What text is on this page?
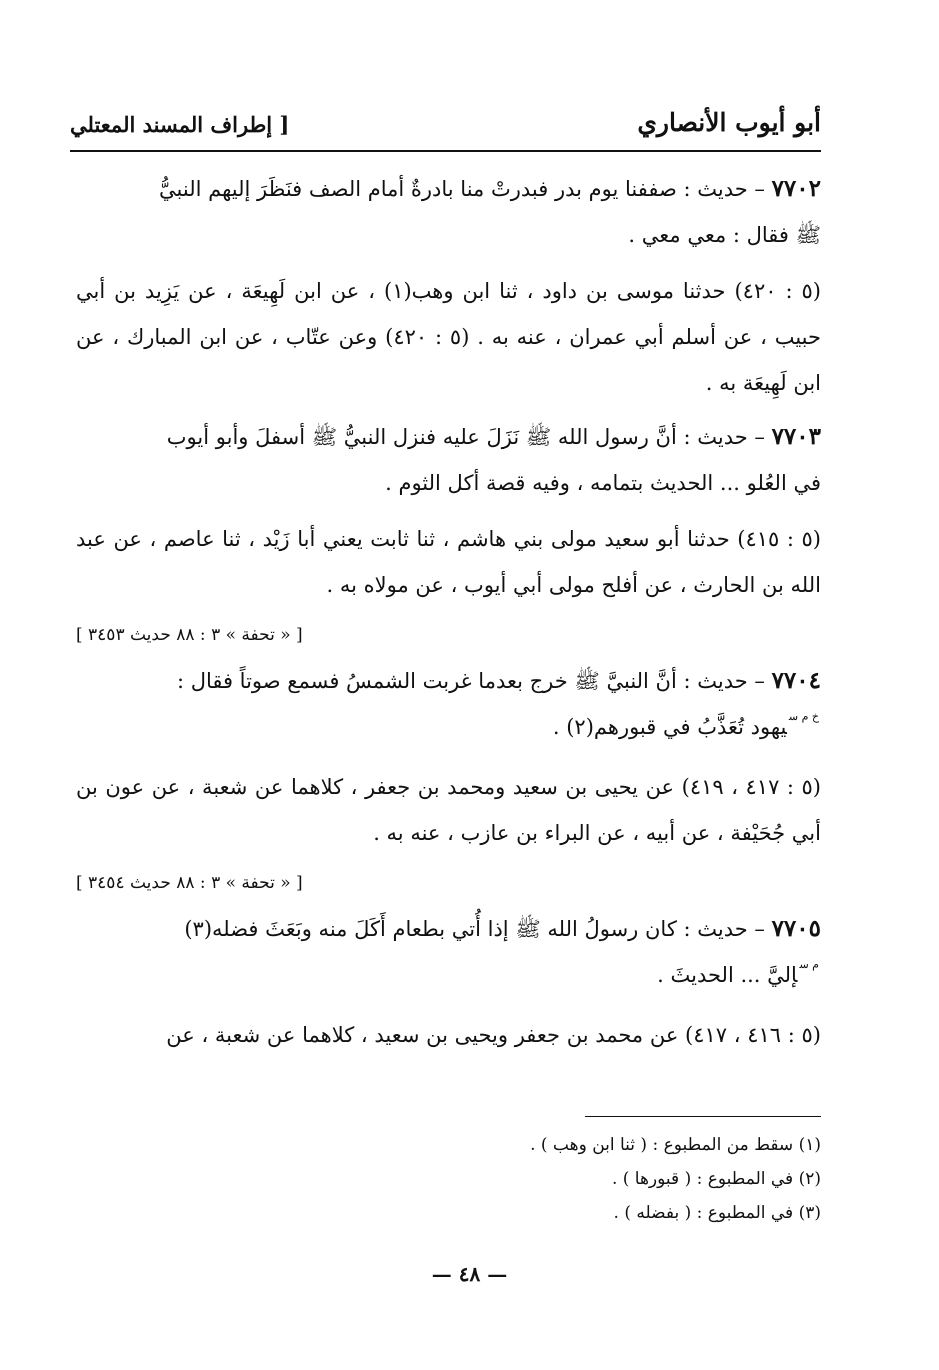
أبو أيوب الأنصاري
[ إطراف المسند المعتلي

٧٧٠٢ – حديث : صففنا يوم بدر فبدرتْ منا بادرةٌ أمام الصف فنَظَرَ إليهم النبيُّ

ﷺ فقال : معي معي .

(٥ : ٤٢٠) حدثنا موسى بن داود ، ثنا ابن وهب(١) ، عن ابن لَهِيعَة ، عن يَزِيد بن أبي حبيب ، عن أسلم أبي عمران ، عنه به . (٥ : ٤٢٠) وعن عتّاب ، عن ابن المبارك ، عن ابن لَهِيعَة به .

٧٧٠٣ – حديث : أنَّ رسول الله ﷺ نَزَلَ عليه فنزل النبيُّ ﷺ أسفلَ وأبو أيوب

في العُلو ... الحديث بتمامه ، وفيه قصة أكل الثوم .

(٥ : ٤١٥) حدثنا أبو سعيد مولى بني هاشم ، ثنا ثابت يعني أبا زَيْد ، ثنا عاصم ، عن عبد الله بن الحارث ، عن أفلح مولى أبي أيوب ، عن مولاه به .
[ « تحفة » ٣ : ٨٨ حديث ٣٤٥٣ ]

٧٧٠٤ – حديث : أنَّ النبيَّ ﷺ خرج بعدما غربت الشمسُ فسمع صوتاً فقال :

$^{خ م س}$يهود تُعَذَّبُ في قبورهم(٢) .

(٥ : ٤١٧ ، ٤١٩) عن يحيى بن سعيد ومحمد بن جعفر ، كلاهما عن شعبة ، عن عون بن أبي جُحَيْفة ، عن أبيه ، عن البراء بن عازب ، عنه به .
[ « تحفة » ٣ : ٨٨ حديث ٣٤٥٤ ]

٧٧٠٥ – حديث : كان رسولُ الله ﷺ إذا أُتي بطعام أَكَلَ منه وبَعَثَ فضله(٣)

$^{م س}$إليَّ ... الحديثَ .

(٥ : ٤١٦ ، ٤١٧) عن محمد بن جعفر ويحيى بن سعيد ، كلاهما عن شعبة ، عن
(١) سقط من المطبوع : ( ثنا ابن وهب ) .
(٢) في المطبوع : ( قبورها ) .
(٣) في المطبوع : ( بفضله ) .
— ٤٨ —
